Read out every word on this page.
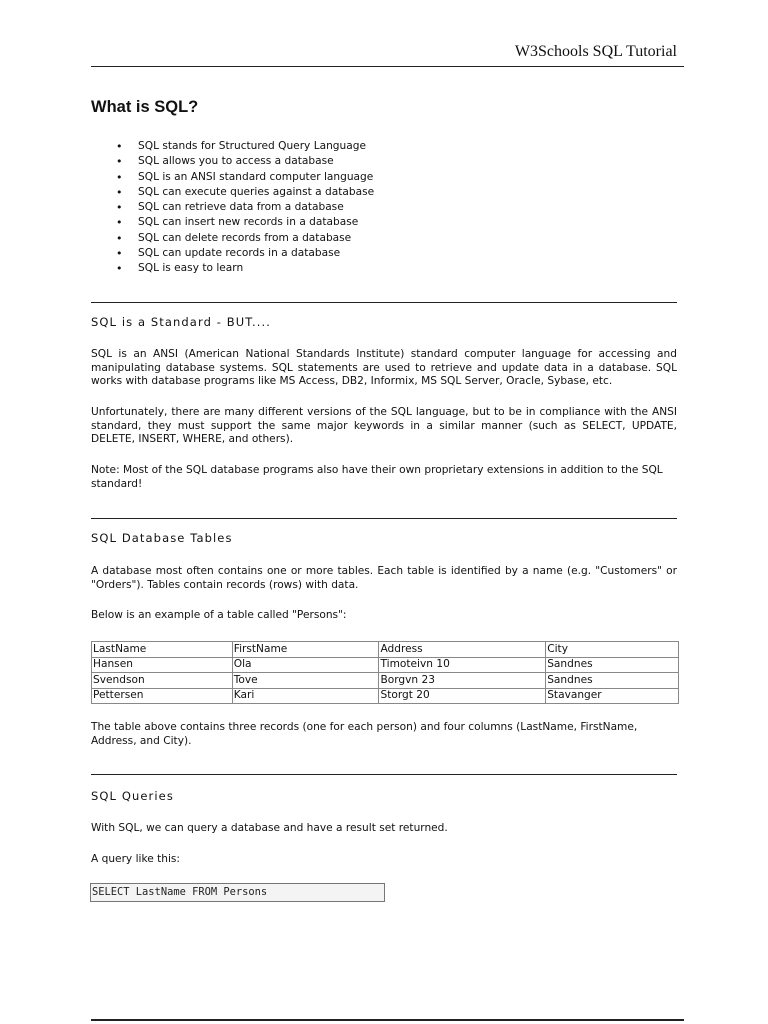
W3Schools SQL Tutorial
What is SQL?
• SQL stands for Structured Query Language
• SQL allows you to access a database
• SQL is an ANSI standard computer language
• SQL can execute queries against a database
• SQL can retrieve data from a database
• SQL can insert new records in a database
• SQL can delete records from a database
• SQL can update records in a database
• SQL is easy to learn
SQL is a Standard - BUT....
SQL is an ANSI (American National Standards Institute) standard computer language for accessing and manipulating database systems. SQL statements are used to retrieve and update data in a database. SQL works with database programs like MS Access, DB2, Informix, MS SQL Server, Oracle, Sybase, etc.
Unfortunately, there are many different versions of the SQL language, but to be in compliance with the ANSI standard, they must support the same major keywords in a similar manner (such as SELECT, UPDATE, DELETE, INSERT, WHERE, and others).
Note: Most of the SQL database programs also have their own proprietary extensions in addition to the SQL standard!
SQL Database Tables
A database most often contains one or more tables. Each table is identified by a name (e.g. "Customers" or "Orders"). Tables contain records (rows) with data.
Below is an example of a table called "Persons":
LastName	FirstName	Address	City
Hansen	Ola	Timoteivn 10	Sandnes
Svendson	Tove	Borgvn 23	Sandnes
Pettersen	Kari	Storgt 20	Stavanger
The table above contains three records (one for each person) and four columns (LastName, FirstName, Address, and City).
SQL Queries
With SQL, we can query a database and have a result set returned.
A query like this:
SELECT LastName FROM Persons
